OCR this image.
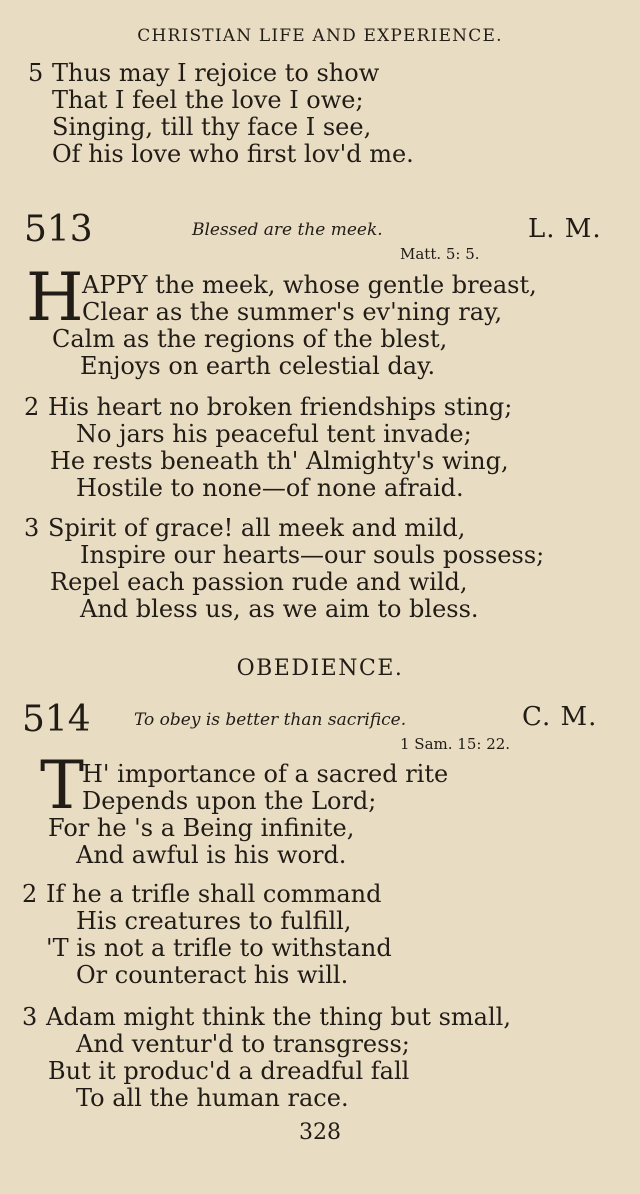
CHRISTIAN LIFE AND EXPERIENCE.
5 Thus may I rejoice to show
That I feel the love I owe;
Singing, till thy face I see,
Of his love who first lov'd me.
513	Blessed are the meek.	L. M.
Matt. 5: 5.
H
APPY the meek, whose gentle breast,
Clear as the summer's ev'ning ray,
Calm as the regions of the blest,
Enjoys on earth celestial day.
2 His heart no broken friendships sting;
No jars his peaceful tent invade;
He rests beneath th' Almighty's wing,
Hostile to none—of none afraid.
3 Spirit of grace! all meek and mild,
Inspire our hearts—our souls possess;
Repel each passion rude and wild,
And bless us, as we aim to bless.
OBEDIENCE.
514	To obey is better than sacrifice.	C. M.
1 Sam. 15: 22.
T
H' importance of a sacred rite
Depends upon the Lord;
For he 's a Being infinite,
And awful is his word.
2 If he a trifle shall command
His creatures to fulfill,
'T is not a trifle to withstand
Or counteract his will.
3 Adam might think the thing but small,
And ventur'd to transgress;
But it produc'd a dreadful fall
To all the human race.
328
